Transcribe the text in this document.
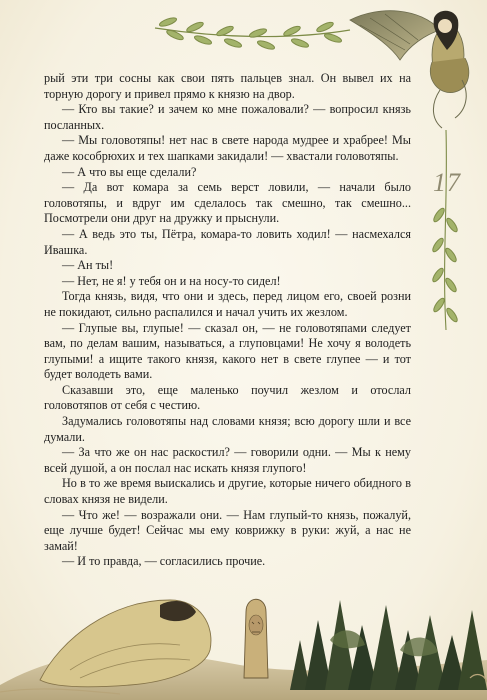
17

рый эти три сосны как свои пять пальцев знал. Он вывел их на торную дорогу и привел прямо к князю на двор.

— Кто вы такие? и зачем ко мне пожаловали? — вопросил князь посланных.

— Мы головотяпы! нет нас в свете народа мудрее и храбрее! Мы даже кособрюхих и тех шапками закидали! — хвастали головотяпы.

— А что вы еще сделали?

— Да вот комара за семь верст ловили, — начали было головотяпы, и вдруг им сделалось так смешно, так смешно... Посмотрели они друг на дружку и прыснули.

— А ведь это ты, Пётра, комара-то ловить ходил! — насмехался Ивашка.

— Ан ты!

— Нет, не я! у тебя он и на носу-то сидел!

Тогда князь, видя, что они и здесь, перед лицом его, своей розни не покидают, сильно распалился и начал учить их жезлом.

— Глупые вы, глупые! — сказал он, — не головотяпами следует вам, по делам вашим, называться, а глуповцами! Не хочу я володеть глупыми! а ищите такого князя, какого нет в свете глупее — и тот будет володеть вами.

Сказавши это, еще маленько поучил жезлом и отослал головотяпов от себя с честию.

Задумались головотяпы над словами князя; всю дорогу шли и все думали.

— За что же он нас раскостил? — говорили одни. — Мы к нему всей душой, а он послал нас искать князя глупого!

Но в то же время выискались и другие, которые ничего обидного в словах князя не видели.

— Что же! — возражали они. — Нам глупый-то князь, пожалуй, еще лучше будет! Сейчас мы ему коврижку в руки: жуй, а нас не замай!

— И то правда, — согласились прочие.
